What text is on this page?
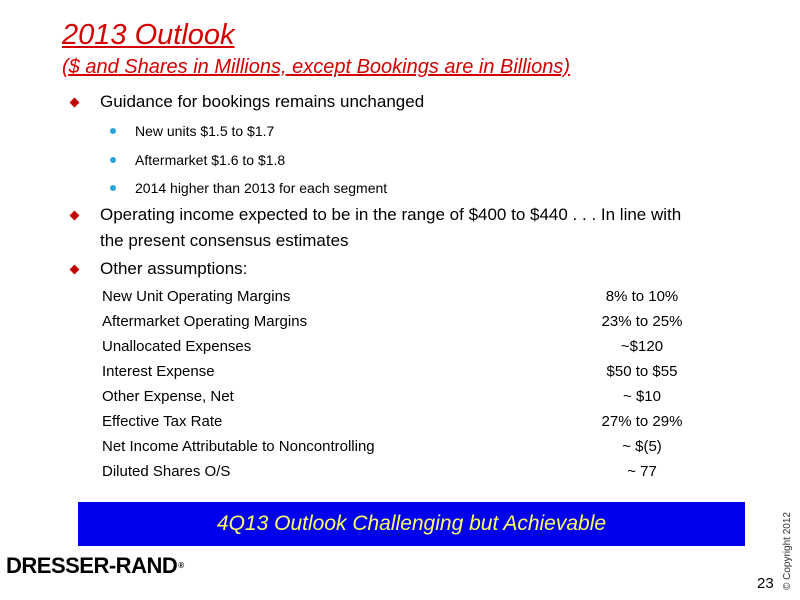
2013 Outlook
($ and Shares in Millions, except Bookings are in Billions)
Guidance for bookings remains unchanged
New units $1.5 to $1.7
Aftermarket $1.6 to $1.8
2014 higher than 2013 for each segment
Operating income expected to be in the range of $400 to $440 . . . In line with
the present consensus estimates
Other assumptions:
New Unit Operating Margins	8% to 10%
Aftermarket Operating Margins	23% to 25%
Unallocated Expenses	~$120
Interest Expense	$50 to $55
Other Expense, Net	~ $10
Effective Tax Rate	27% to 29%
Net Income Attributable to Noncontrolling	~ $(5)
Diluted Shares O/S	~ 77
4Q13 Outlook Challenging but Achievable
DRESSER-RAND®	© Copyright 2012
23
